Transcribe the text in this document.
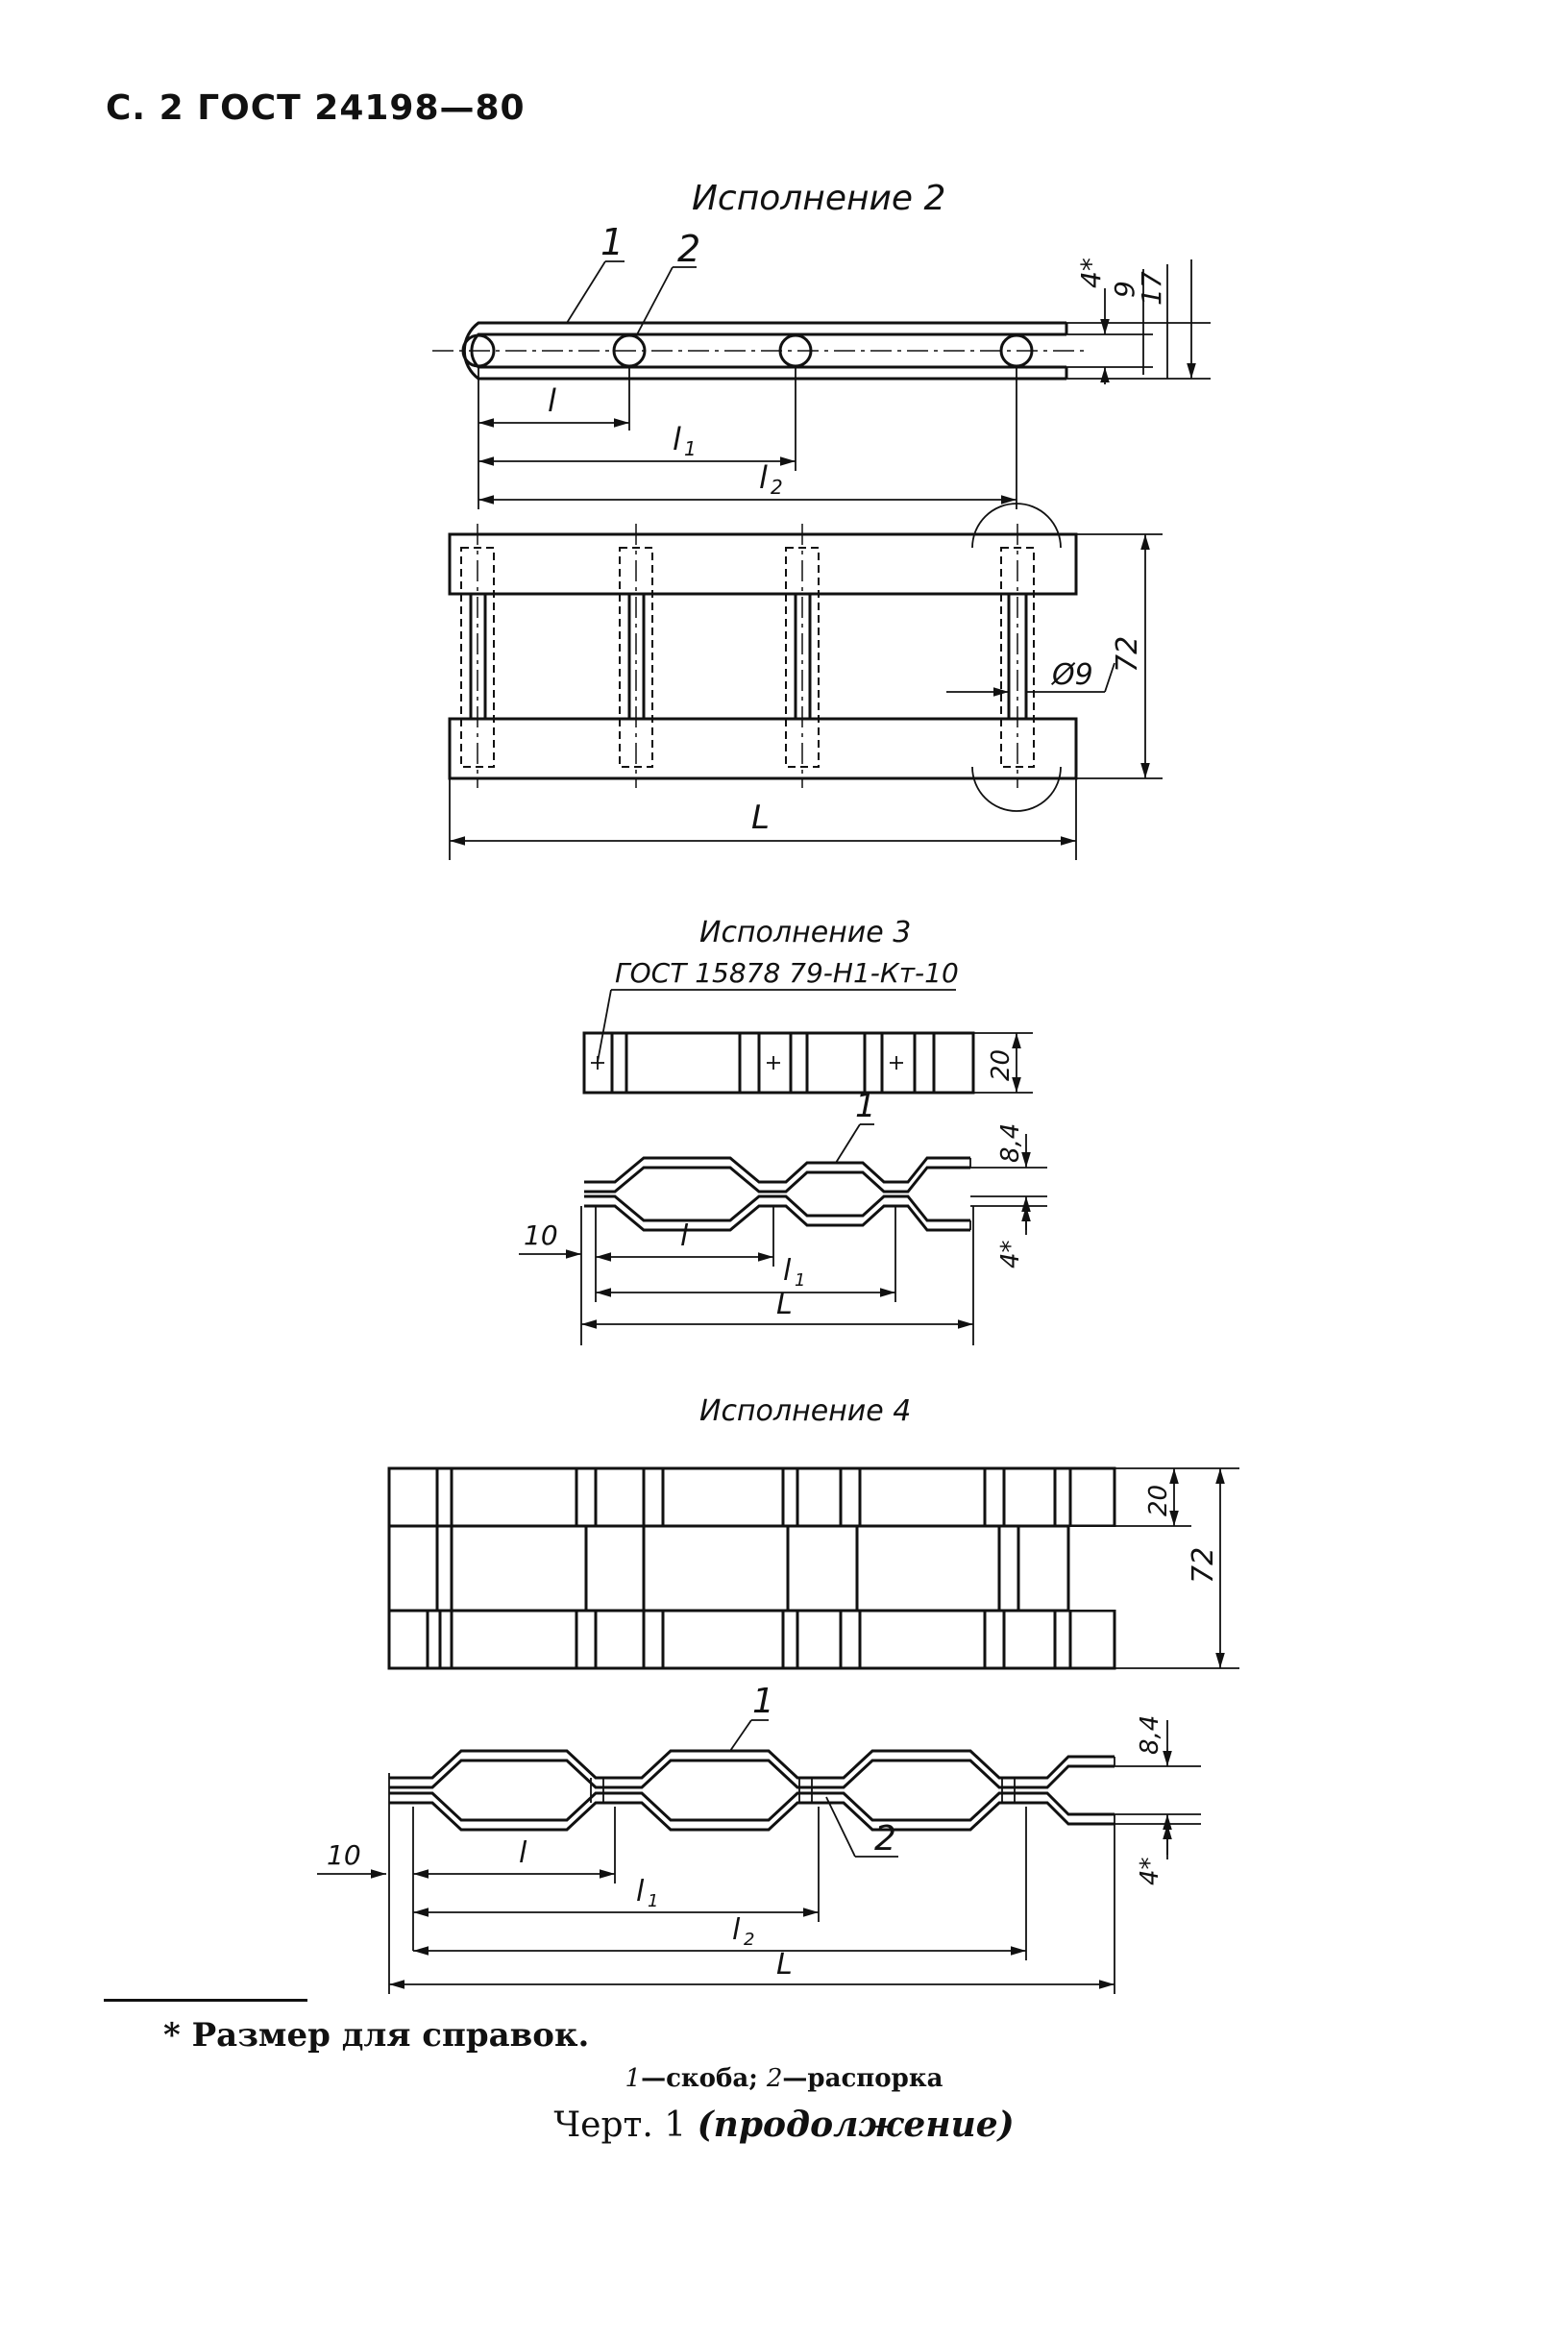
С. 2 ГОСТ 24198—80
Исполнение 2
1 2
4*
9
17
l
l 1
l 2
Ø9
72
L
Исполнение 3
ГОСТ 15878 79-Н1-Кт-10
20
1
8,4
4*
10	l
l 1
L
Исполнение 4
20
72
1
2
8,4
4*
10	l
l 1
l 2
L
* Размер для справок.
1—скоба; 2—распорка
Черт. 1 (продолжение)
